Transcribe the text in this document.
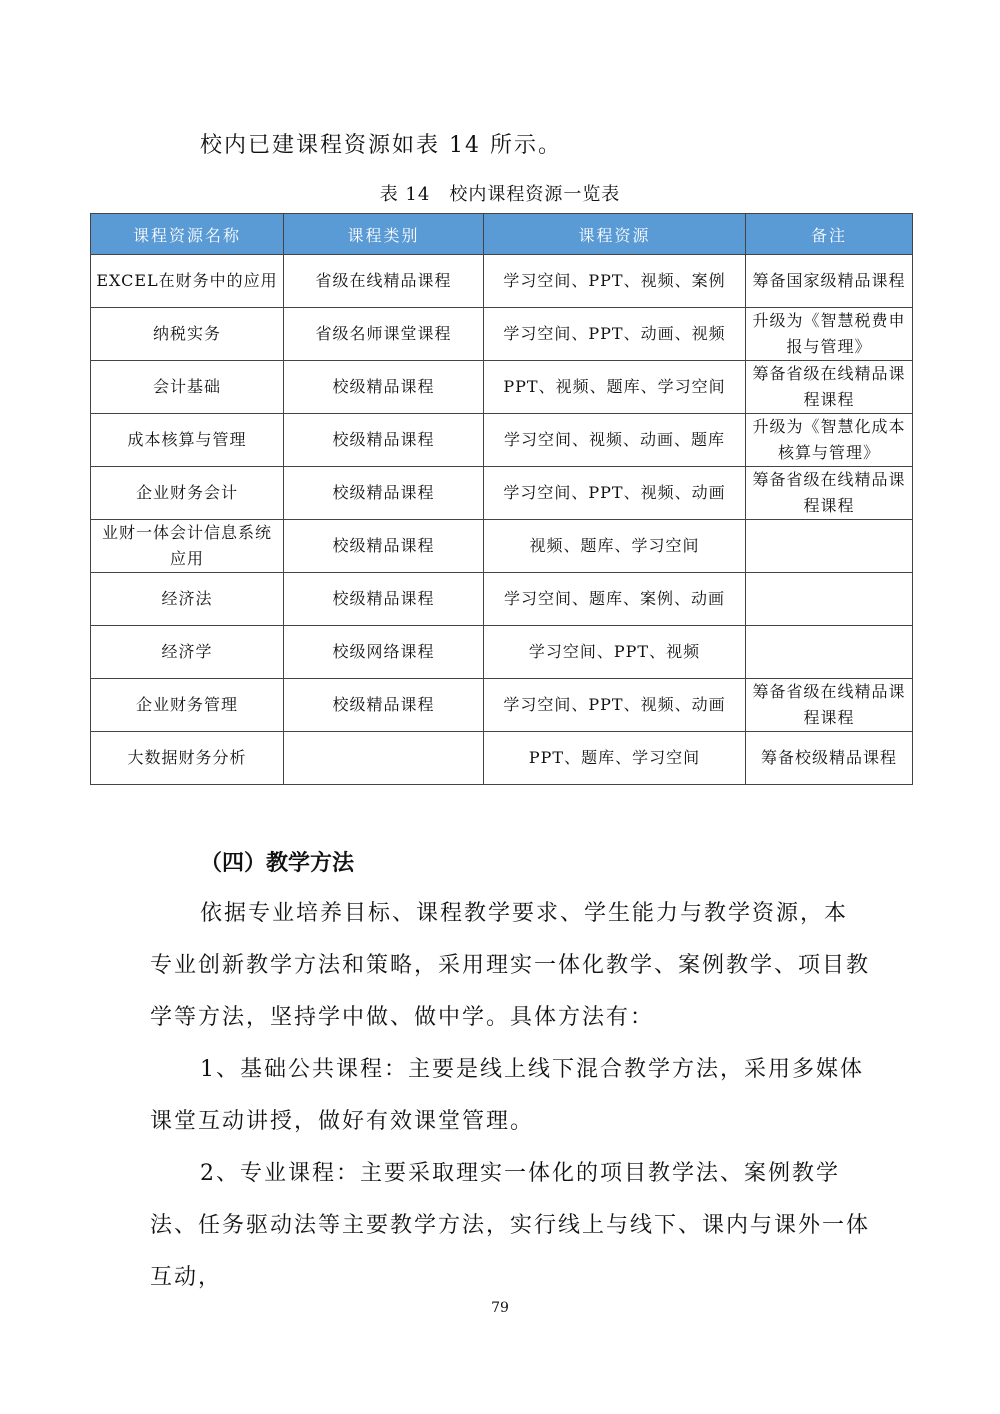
校内已建课程资源如表 14 所示。
表 14　校内课程资源一览表
课程资源名称	课程类别	课程资源	备注
EXCEL在财务中的应用	省级在线精品课程	学习空间、PPT、视频、案例	筹备国家级精品课程
纳税实务	省级名师课堂课程	学习空间、PPT、动画、视频	升级为《智慧税费申报与管理》
会计基础	校级精品课程	PPT、视频、题库、学习空间	筹备省级在线精品课程课程
成本核算与管理	校级精品课程	学习空间、视频、动画、题库	升级为《智慧化成本核算与管理》
企业财务会计	校级精品课程	学习空间、PPT、视频、动画	筹备省级在线精品课程课程
业财一体会计信息系统应用	校级精品课程	视频、题库、学习空间	
经济法	校级精品课程	学习空间、题库、案例、动画	
经济学	校级网络课程	学习空间、PPT、视频	
企业财务管理	校级精品课程	学习空间、PPT、视频、动画	筹备省级在线精品课程课程
大数据财务分析		PPT、题库、学习空间	筹备校级精品课程
（四）教学方法

依据专业培养目标、课程教学要求、学生能力与教学资源，本专业创新教学方法和策略，采用理实一体化教学、案例教学、项目教学等方法，坚持学中做、做中学。具体方法有：

1、基础公共课程：主要是线上线下混合教学方法，采用多媒体课堂互动讲授，做好有效课堂管理。

2、专业课程：主要采取理实一体化的项目教学法、案例教学法、任务驱动法等主要教学方法，实行线上与线下、课内与课外一体互动，

79
